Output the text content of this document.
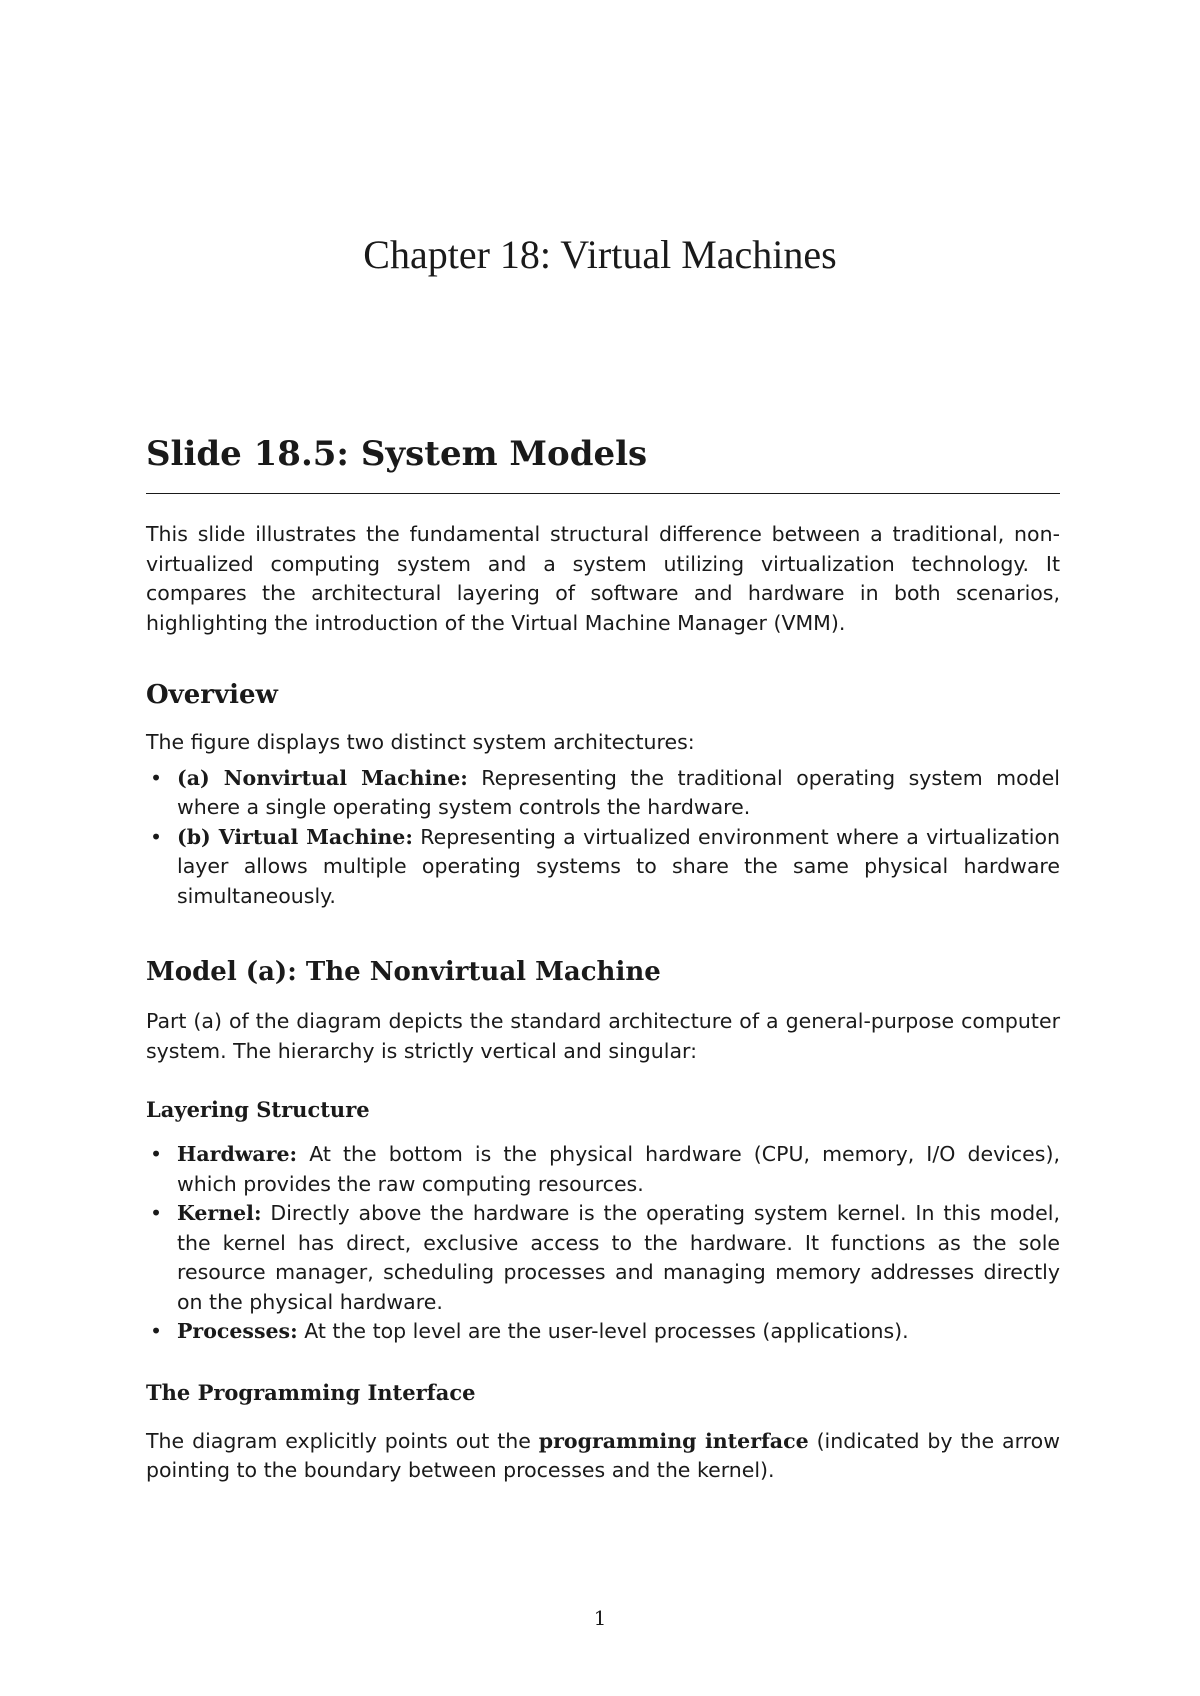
Chapter 18: Virtual Machines
Slide 18.5: System Models

This slide illustrates the fundamental structural difference between a traditional, non-virtualized computing system and a system utilizing virtualization technology. It compares the architectural layering of software and hardware in both scenarios, highlighting the introduction of the Virtual Machine Manager (VMM).

Overview

The figure displays two distinct system architectures:

• (a) Nonvirtual Machine: Representing the traditional operating system model where a single operating system controls the hardware.
• (b) Virtual Machine: Representing a virtualized environment where a virtualization layer allows multiple operating systems to share the same physical hardware simultaneously.
Model (a): The Nonvirtual Machine

Part (a) of the diagram depicts the standard architecture of a general-purpose computer system. The hierarchy is strictly vertical and singular:

Layering Structure
• Hardware: At the bottom is the physical hardware (CPU, memory, I/O devices), which provides the raw computing resources.
• Kernel: Directly above the hardware is the operating system kernel. In this model, the kernel has direct, exclusive access to the hardware. It functions as the sole resource manager, scheduling processes and managing memory addresses directly on the physical hardware.
• Processes: At the top level are the user-level processes (applications).
The Programming Interface

The diagram explicitly points out the programming interface (indicated by the arrow pointing to the boundary between processes and the kernel).

1
